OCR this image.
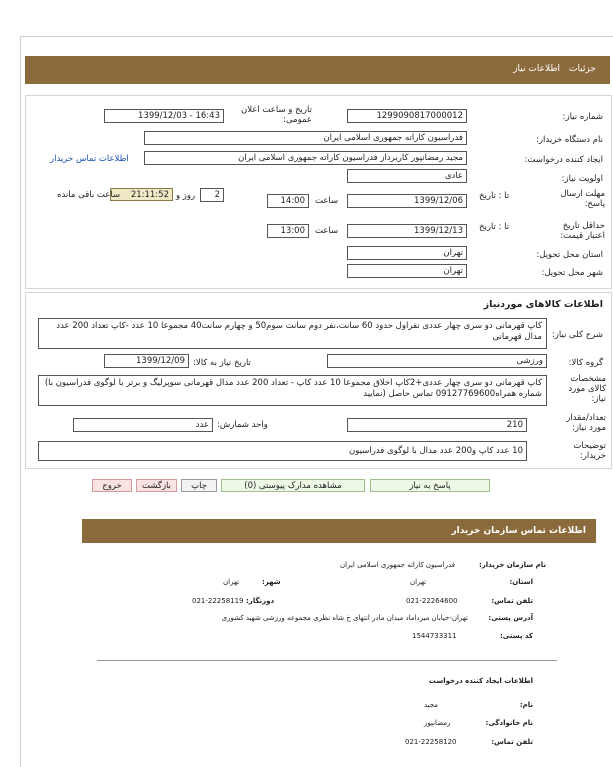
جزئیات
اطلاعات نیاز
شماره نیاز:
1299090817000012
تاریخ و ساعت اعلان عمومی:
1399/12/03 - 16:43
نام دستگاه خریدار:
فدراسیون کاراته جمهوری اسلامی ایران
ایجاد کننده درخواست:
مجید رمضانپور کاربرداز فدراسیون کاراته جمهوری اسلامی ایران
اطلاعات تماس خریدار
اولویت نیاز:
عادی
مهلت ارسال پاسخ:
تا : تاریخ
1399/12/06
ساعت
14:00
2
روز و
21:11:52
ساعت باقی مانده
حداقل تاریخ اعتبار قیمت:
تا : تاریخ
1399/12/13
ساعت
13:00
استان محل تحویل:
تهران
شهر محل تحویل:
تهران
اطلاعات کالاهای موردنیاز
شرح کلی نیاز:
کاپ قهرمانی دو سری چهار عددی نفراول حدود 60 سانت،نفر دوم سانت سوم50 و چهارم سانت40 مجموعا 10 عدد -کاپ تعداد 200 عدد مدال قهرمانی
گروه کالا:
ورزشی
تاریخ نیاز به کالا:
1399/12/09
مشخصات کالای مورد نیاز:
کاپ قهرمانی دو سری چهار عددی+2کاپ اخلاق مجموعا 10 عدد کاپ - تعداد 200 عدد مدال قهرمانی سوپرلیگ و برتر با لوگوی فدراسیون با) شماره همراه09127769600 تماس حاصل (نمایید
تعداد/مقدار مورد نیاز:
210
واحد شمارش:
عدد
توضیحات خریدار:
10 عدد کاپ و200 عدد مدال با لوگوی فدراسیون
پاسخ به نیاز
مشاهده مدارک پیوستی (0)
چاپ
بازگشت
خروج
اطلاعات تماس سازمان خریدار
نام سازمان خریدار:
فدراسیون کاراته جمهوری اسلامی ایران
استان:
تهران
شهر:
تهران
تلفن تماس:
021-22264600
دورنگار:
021-22258119
آدرس پستی:
تهران-خیابان میرداماد میدان مادر انتهای خ شاه نظری مجموعه ورزشی شهید کشوری
کد پستی:
1544733311
اطلاعات ایجاد کننده درخواست
نام:
مجید
نام خانوادگی:
رمضانپور
تلفن تماس:
021-22258120
